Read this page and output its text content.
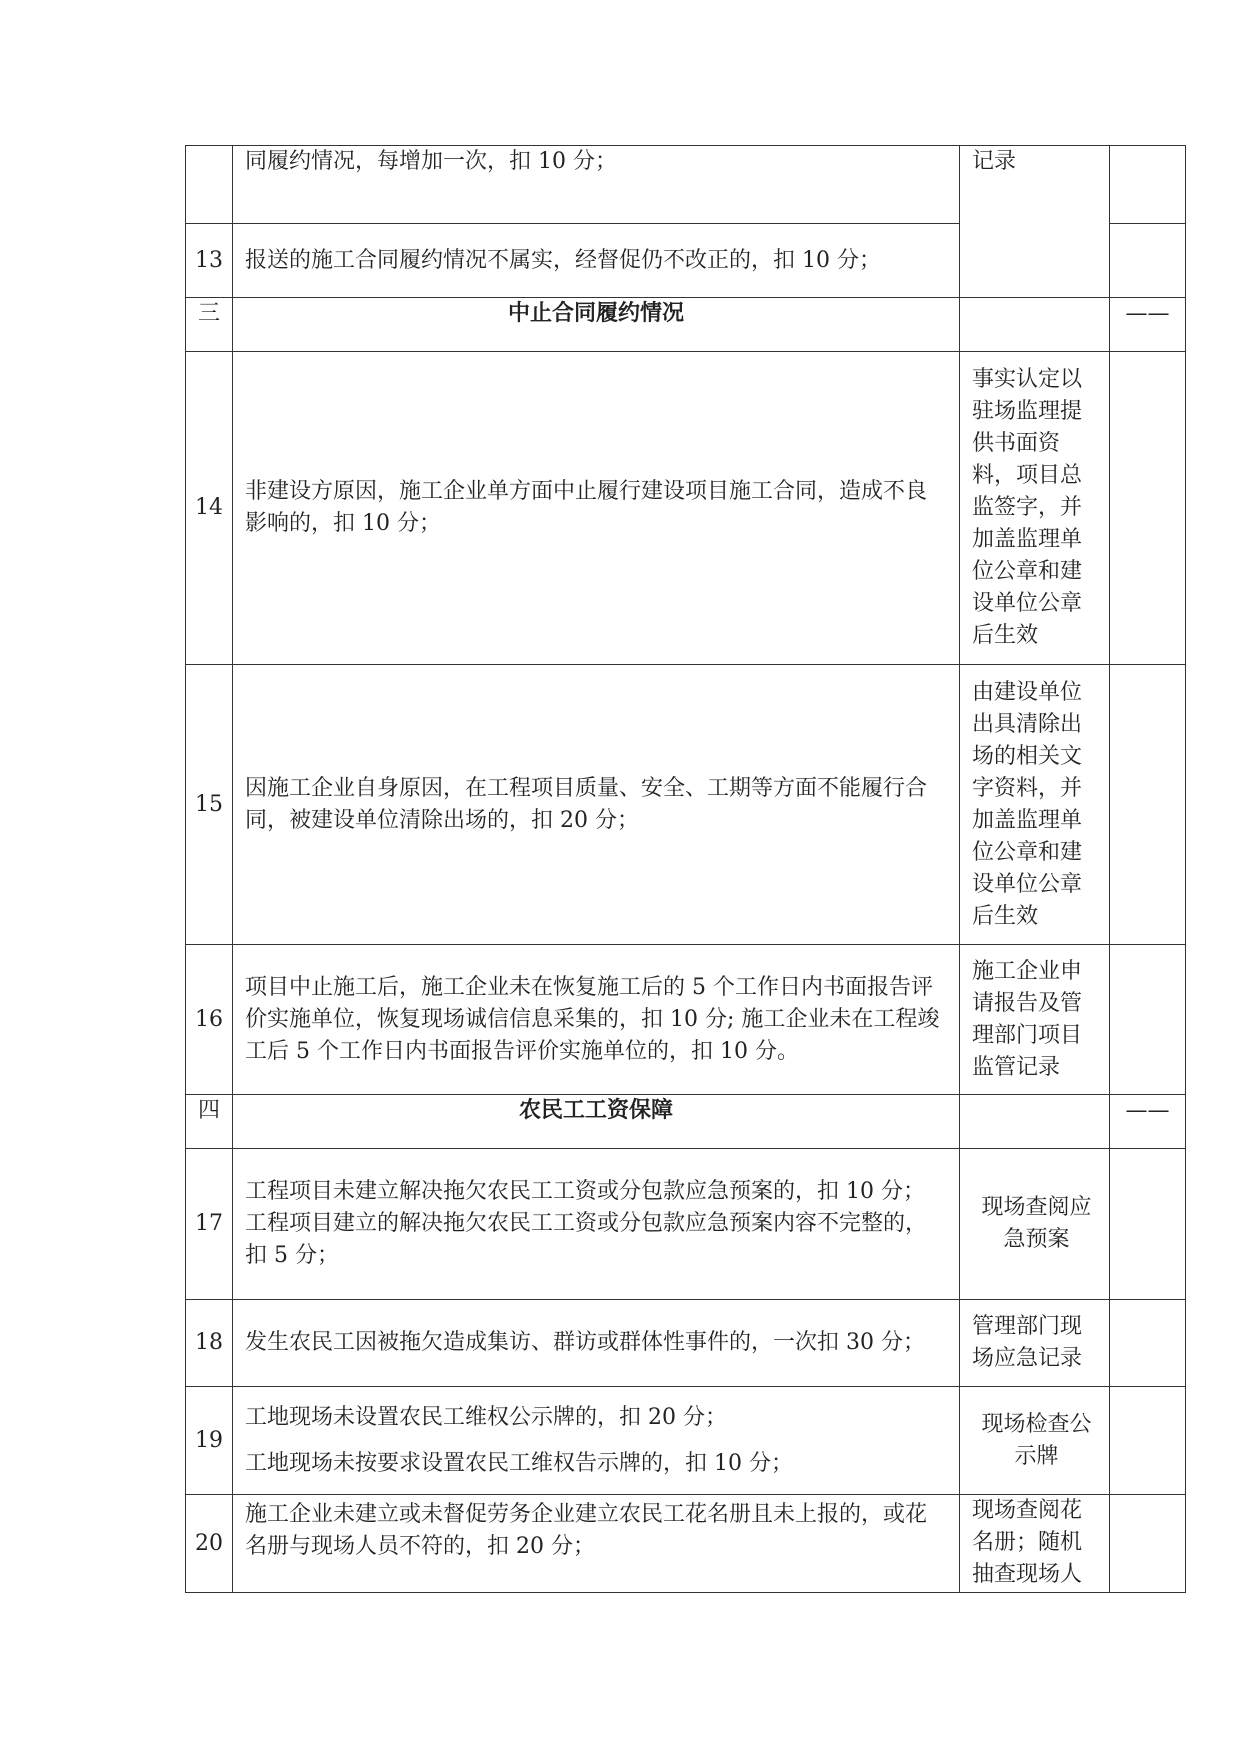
	同履约情况，每增加一次，扣 10 分；	记录	
13	报送的施工合同履约情况不属实，经督促仍不改正的，扣 10 分；		
三	中止合同履约情况		——
14	非建设方原因，施工企业单方面中止履行建设项目施工合同，造成不良影响的，扣 10 分；	事实认定以驻场监理提供书面资料，项目总监签字，并加盖监理单位公章和建设单位公章后生效	
15	因施工企业自身原因，在工程项目质量、安全、工期等方面不能履行合同，被建设单位清除出场的，扣 20 分；	由建设单位出具清除出场的相关文字资料，并加盖监理单位公章和建设单位公章后生效	
16	项目中止施工后，施工企业未在恢复施工后的 5 个工作日内书面报告评价实施单位，恢复现场诚信信息采集的，扣 10 分; 施工企业未在工程竣工后 5 个工作日内书面报告评价实施单位的，扣 10 分。	施工企业申请报告及管理部门项目监管记录	
四	农民工工资保障		——
17	工程项目未建立解决拖欠农民工工资或分包款应急预案的，扣 10 分；
工程项目建立的解决拖欠农民工工资或分包款应急预案内容不完整的，扣 5 分；	现场查阅应急预案	
18	发生农民工因被拖欠造成集访、群访或群体性事件的，一次扣 30 分；	管理部门现场应急记录	
19	工地现场未设置农民工维权公示牌的，扣 20 分；
工地现场未按要求设置农民工维权告示牌的，扣 10 分；	现场检查公示牌	
20	施工企业未建立或未督促劳务企业建立农民工花名册且未上报的，或花名册与现场人员不符的，扣 20 分；	现场查阅花名册；随机抽查现场人	
